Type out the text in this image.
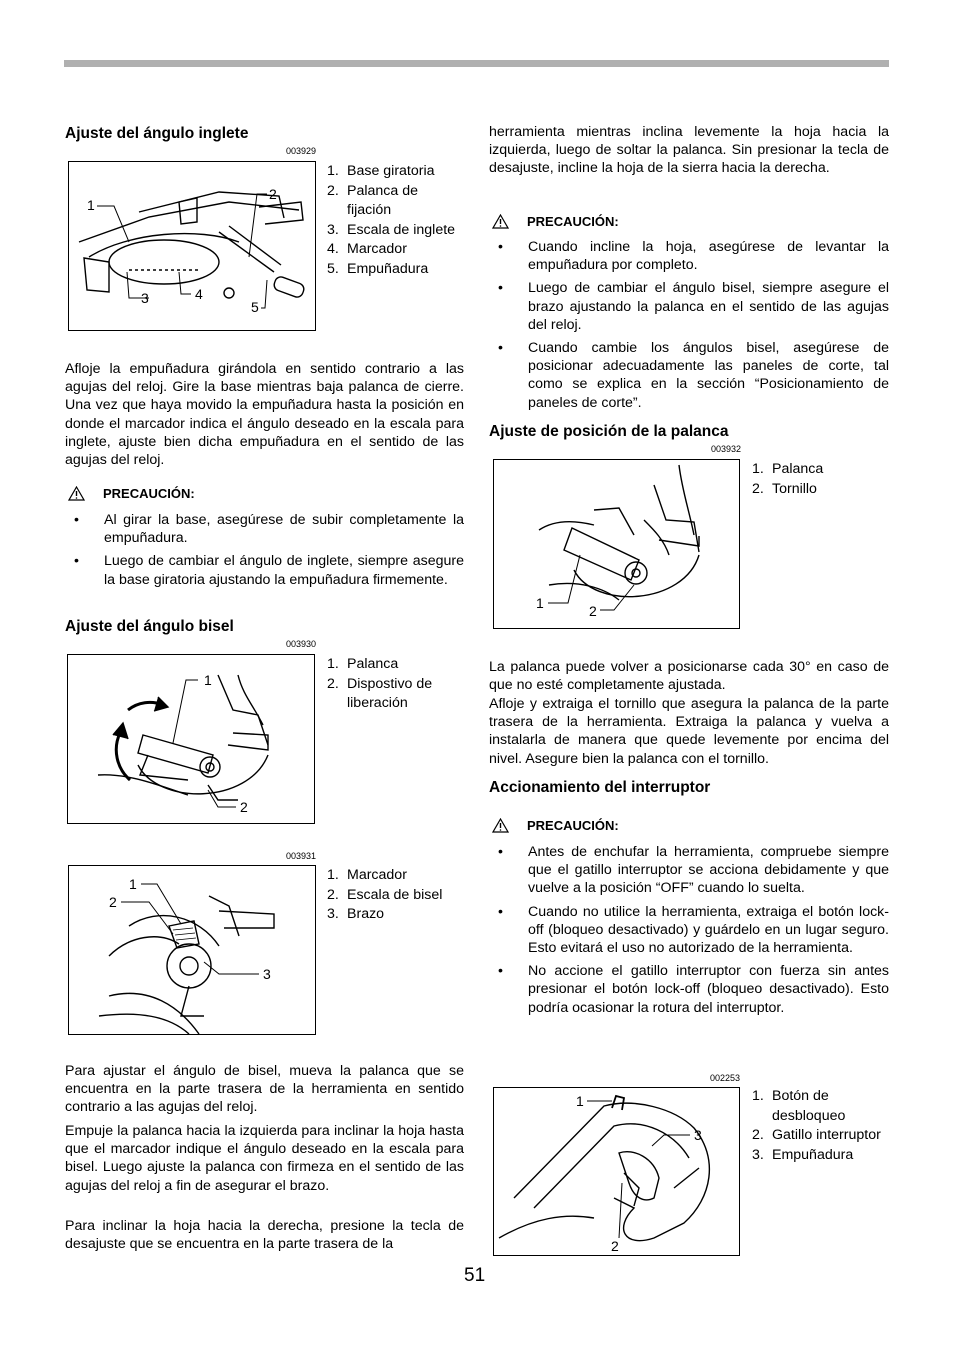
Ajuste del ángulo inglete
003929
1
2
3	4
5
1. Base giratoria
2. Palanca de fijación
3. Escala de inglete
4. Marcador
5. Empuñadura

Afloje la empuñadura girándola en sentido contrario a las agujas del reloj. Gire la base mientras baja palanca de cierre. Una vez que haya movido la empuñadura hasta la posición en donde el marcador indica el ángulo deseado en la escala para inglete, ajuste bien dicha empuñadura en el sentido de las agujas del reloj.

PRECAUCIÓN:
• Al girar la base, asegúrese de subir completamente la empuñadura.
• Luego de cambiar el ángulo de inglete, siempre asegure la base giratoria ajustando la empuñadura firmemente.
Ajuste del ángulo bisel
003930
1
2
1. Palanca
2. Dispostivo de liberación
003931
1
2
3
1. Marcador
2. Escala de bisel
3. Brazo

Para ajustar el ángulo de bisel, mueva la palanca que se encuentra en la parte trasera de la herramienta en sentido contrario a las agujas del reloj.

Empuje la palanca hacia la izquierda para inclinar la hoja hasta que el marcador indique el ángulo deseado en la escala para bisel. Luego ajuste la palanca con firmeza en el sentido de las agujas del reloj a fin de asegurar el brazo.

Para inclinar la hoja hacia la derecha, presione la tecla de desajuste que se encuentra en la parte trasera de la

herramienta mientras inclina levemente la hoja hacia la izquierda, luego de soltar la palanca. Sin presionar la tecla de desajuste, incline la hoja de la sierra hacia la derecha.

PRECAUCIÓN:
• Cuando incline la hoja, asegúrese de levantar la empuñadura por completo.
• Luego de cambiar el ángulo bisel, siempre asegure el brazo ajustando la palanca en el sentido de las agujas del reloj.
• Cuando cambie los ángulos bisel, asegúrese de posicionar adecuadamente las paneles de corte, tal como se explica en la sección “Posicionamiento de paneles de corte”.
Ajuste de posición de la palanca
003932
1	2
1. Palanca
2. Tornillo

La palanca puede volver a posicionarse cada 30° en caso de que no esté completamente ajustada.

Afloje y extraiga el tornillo que asegura la palanca de la parte trasera de la herramienta. Extraiga la palanca y vuelva a instalarla de manera que quede levemente por encima del nivel. Asegure bien la palanca con el tornillo.

Accionamiento del interruptor
PRECAUCIÓN:
• Antes de enchufar la herramienta, compruebe siempre que el gatillo interruptor se acciona debidamente y que vuelve a la posición “OFF” cuando lo suelta.
• Cuando no utilice la herramienta, extraiga el botón lock-off (bloqueo desactivado) y guárdelo en un lugar seguro. Esto evitará el uso no autorizado de la herramienta.
• No accione el gatillo interruptor con fuerza sin antes presionar el botón lock-off (bloqueo desactivado). Esto podría ocasionar la rotura del interruptor.
002253
1
2
3
1. Botón de desbloqueo
2. Gatillo interruptor
3. Empuñadura
51
